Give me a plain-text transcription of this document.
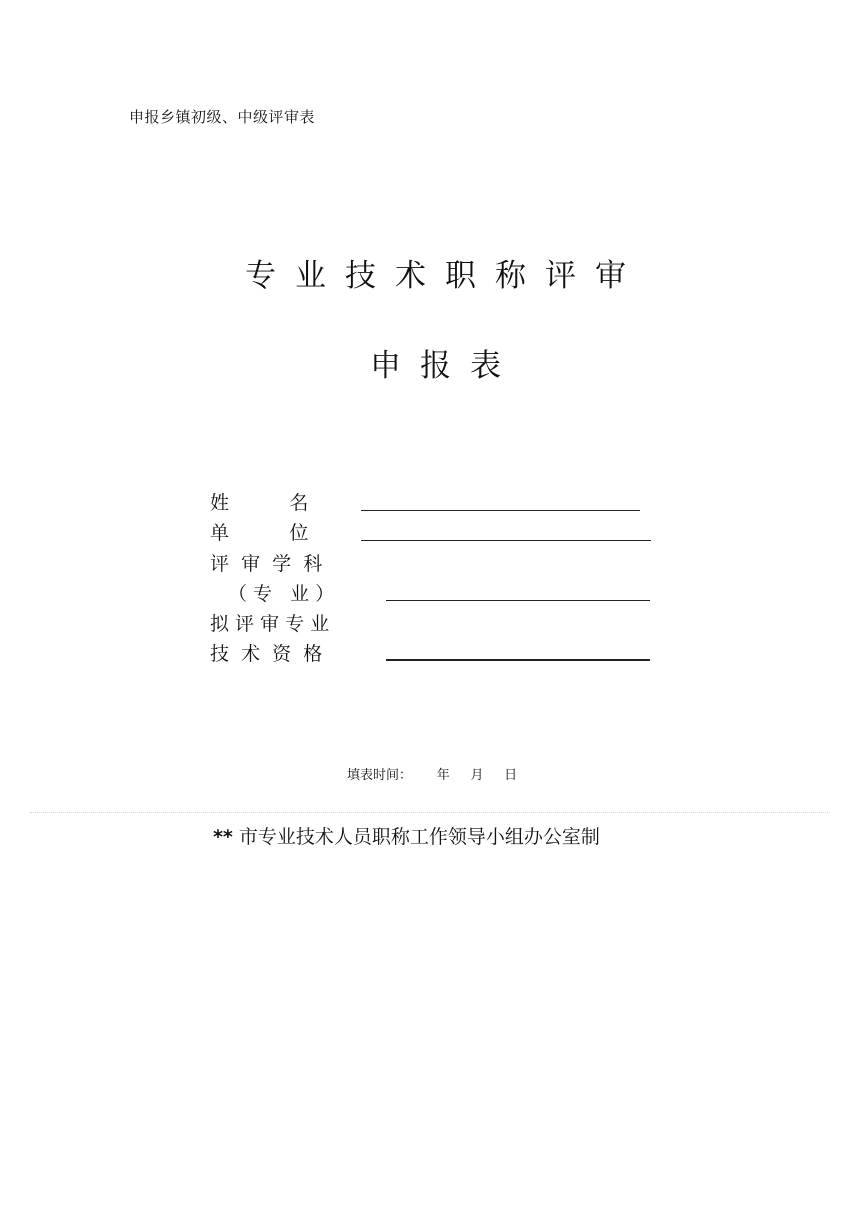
申报乡镇初级、中级评审表
专业技术职称评审
申报表
姓          名
单          位
评  审  学  科
（ 专   业 ）
拟 评 审 专 业
技  术  资  格
填表时间：      年     月     日
** 市专业技术人员职称工作领导小组办公室制
